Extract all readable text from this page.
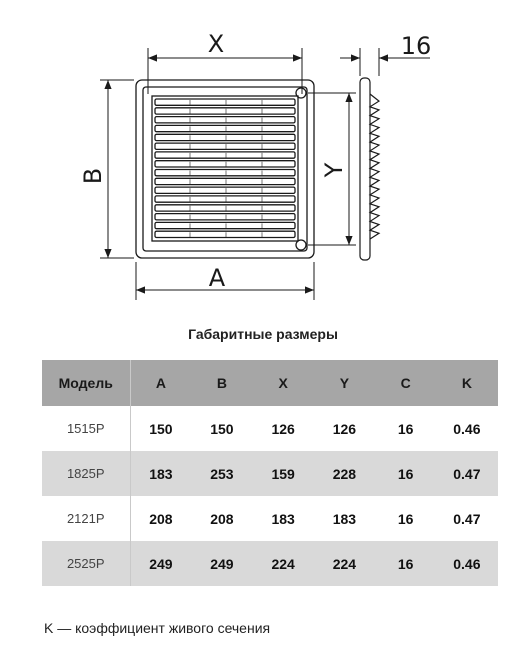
X
A
B	Y
16
Габаритные размеры
Модель	A	B	X	Y	C	K
1515P	150	150	126	126	16	0.46
1825P	183	253	159	228	16	0.47
2121P	208	208	183	183	16	0.47
2525P	249	249	224	224	16	0.46
K — коэффициент живого сечения
